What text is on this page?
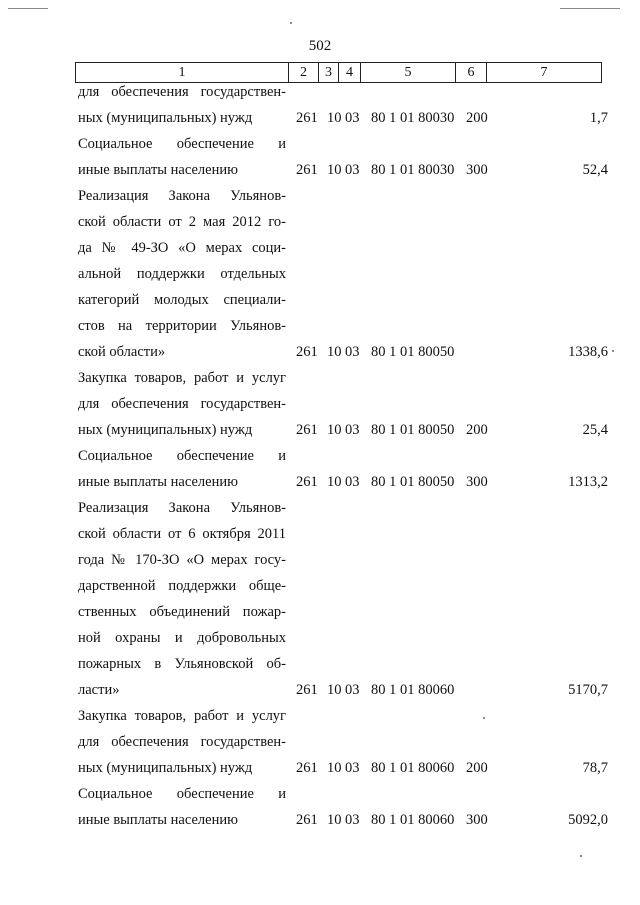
502
1	2	3	4	5	6	7
для обеспечения государствен-
ных (муниципальных) нужд	261 10 03 80 1 01 80030 200	1,7
Социальное обеспечение и
иные выплаты населению	261 10 03 80 1 01 80030 300	52,4
Реализация Закона Ульянов-
ской области от 2 мая 2012 го-
да № 49-ЗО «О мерах соци-
альной поддержки отдельных
категорий молодых специали-
стов на территории Ульянов-
ской области»	261 10 03 80 1 01 80050	1338,6
Закупка товаров, работ и услуг
для обеспечения государствен-
ных (муниципальных) нужд	261 10 03 80 1 01 80050 200	25,4
Социальное обеспечение и
иные выплаты населению	261 10 03 80 1 01 80050 300	1313,2
Реализация Закона Ульянов-
ской области от 6 октября 2011
года № 170-ЗО «О мерах госу-
дарственной поддержки обще-
ственных объединений пожар-
ной охраны и добровольных
пожарных в Ульяновской об-
ласти»	261 10 03 80 1 01 80060	5170,7
Закупка товаров, работ и услуг
для обеспечения государствен-
ных (муниципальных) нужд	261 10 03 80 1 01 80060 200	78,7
Социальное обеспечение и
иные выплаты населению	261 10 03 80 1 01 80060 300	5092,0
